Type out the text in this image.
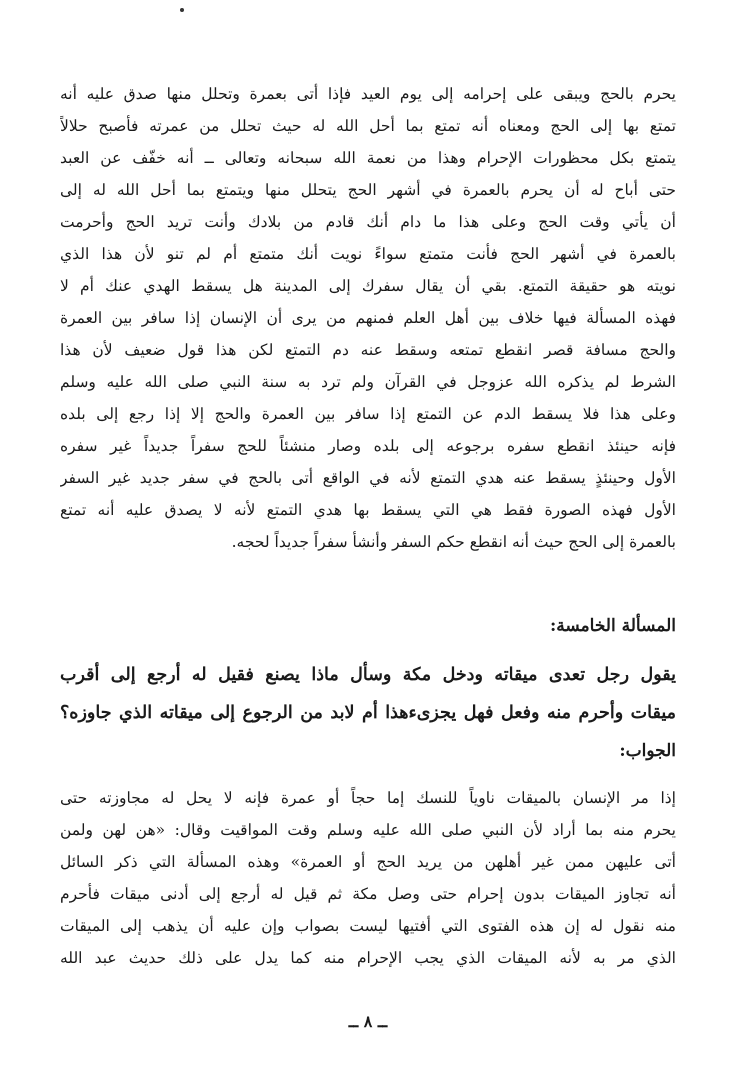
يحرم بالحج ويبقى على إحرامه إلى يوم العيد فإذا أتى بعمرة وتحلل منها صدق عليه أنه
تمتع بها إلى الحج ومعناه أنه تمتع بما أحل الله له حيث تحلل من عمرته فأصبح حلالاً
يتمتع بكل محظورات الإحرام وهذا من نعمة الله سبحانه وتعالى ــ أنه خفّف عن العبد
حتى أباح له أن يحرم بالعمرة في أشهر الحج يتحلل منها ويتمتع بما أحل الله له إلى
أن يأتي وقت الحج وعلى هذا ما دام أنك قادم من بلادك وأنت تريد الحج وأحرمت
بالعمرة في أشهر الحج فأنت متمتع سواءً نويت أنك متمتع أم لم تنو لأن هذا الذي
نويته هو حقيقة التمتع. بقي أن يقال سفرك إلى المدينة هل يسقط الهدي عنك أم لا
فهذه المسألة فيها خلاف بين أهل العلم فمنهم من يرى أن الإنسان إذا سافر بين العمرة
والحج مسافة قصر انقطع تمتعه وسقط عنه دم التمتع لكن هذا قول ضعيف لأن هذا
الشرط لم يذكره الله عزوجل في القرآن ولم ترد به سنة النبي صلى الله عليه وسلم
وعلى هذا فلا يسقط الدم عن التمتع إذا سافر بين العمرة والحج إلا إذا رجع إلى بلده
فإنه حينئذ انقطع سفره برجوعه إلى بلده وصار منشئاً للحج سفراً جديداً غير سفره
الأول وحينئذٍ يسقط عنه هدي التمتع لأنه في الواقع أتى بالحج في سفر جديد غير السفر
الأول فهذه الصورة فقط هي التي يسقط بها هدي التمتع لأنه لا يصدق عليه أنه تمتع
بالعمرة إلى الحج حيث أنه انقطع حكم السفر وأنشأ سفراً جديداً لحجه.
المسألة الخامسة:
يقول رجل تعدى ميقاته ودخل مكة وسأل ماذا يصنع فقيل له أرجع إلى أقرب
ميقات وأحرم منه وفعل فهل يجزىءهذا أم لابد من الرجوع إلى ميقاته الذي جاوزه؟
الجواب:
إذا مر الإنسان بالميقات ناوياً للنسك إما حجاً أو عمرة فإنه لا يحل له مجاوزته حتى
يحرم منه بما أراد لأن النبي صلى الله عليه وسلم وقت المواقيت وقال: «هن لهن ولمن
أتى عليهن ممن غير أهلهن من يريد الحج أو العمرة» وهذه المسألة التي ذكر السائل
أنه تجاوز الميقات بدون إحرام حتى وصل مكة ثم قيل له أرجع إلى أدنى ميقات فأحرم
منه نقول له إن هذه الفتوى التي أفتيها ليست بصواب وإن عليه أن يذهب إلى الميقات
الذي مر به لأنه الميقات الذي يجب الإحرام منه كما يدل على ذلك حديث عبد الله
ــ ٨ ــ
